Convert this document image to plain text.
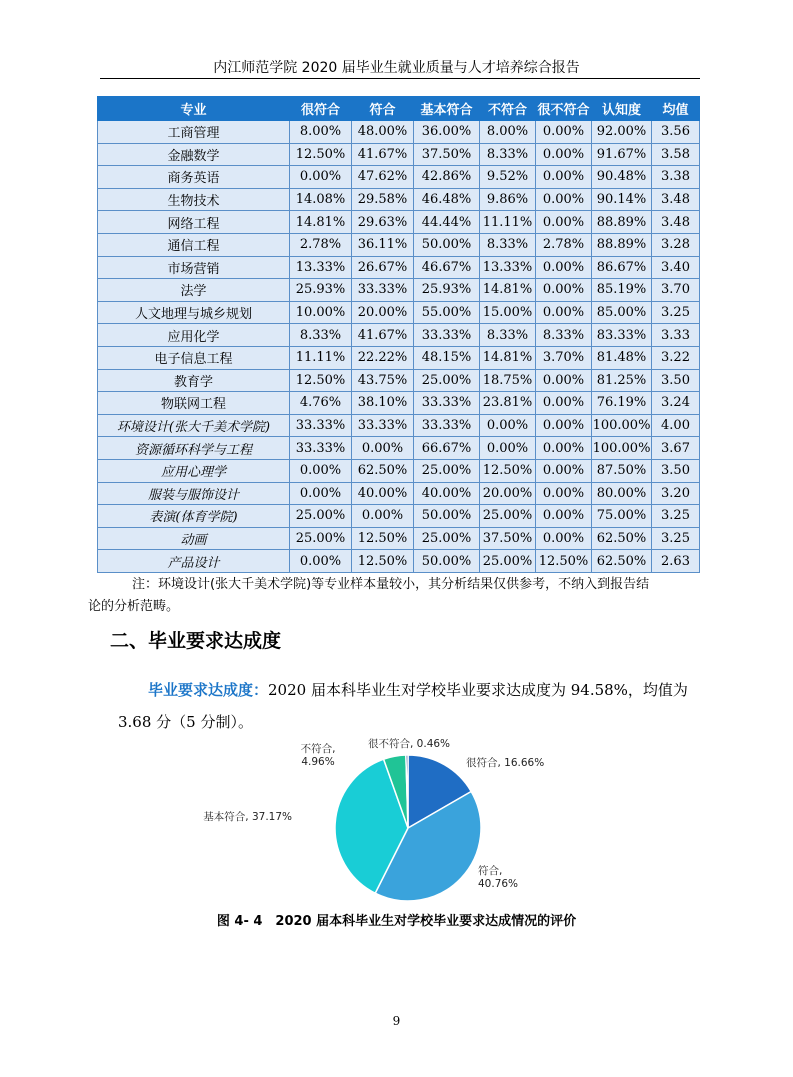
内江师范学院 2020 届毕业生就业质量与人才培养综合报告
专业	很符合	符合	基本符合	不符合	很不符合	认知度	均值
工商管理	8.00%	48.00%	36.00%	8.00%	0.00%	92.00%	3.56
金融数学	12.50%	41.67%	37.50%	8.33%	0.00%	91.67%	3.58
商务英语	0.00%	47.62%	42.86%	9.52%	0.00%	90.48%	3.38
生物技术	14.08%	29.58%	46.48%	9.86%	0.00%	90.14%	3.48
网络工程	14.81%	29.63%	44.44%	11.11%	0.00%	88.89%	3.48
通信工程	2.78%	36.11%	50.00%	8.33%	2.78%	88.89%	3.28
市场营销	13.33%	26.67%	46.67%	13.33%	0.00%	86.67%	3.40
法学	25.93%	33.33%	25.93%	14.81%	0.00%	85.19%	3.70
人文地理与城乡规划	10.00%	20.00%	55.00%	15.00%	0.00%	85.00%	3.25
应用化学	8.33%	41.67%	33.33%	8.33%	8.33%	83.33%	3.33
电子信息工程	11.11%	22.22%	48.15%	14.81%	3.70%	81.48%	3.22
教育学	12.50%	43.75%	25.00%	18.75%	0.00%	81.25%	3.50
物联网工程	4.76%	38.10%	33.33%	23.81%	0.00%	76.19%	3.24
环境设计(张大千美术学院)	33.33%	33.33%	33.33%	0.00%	0.00%	100.00%	4.00
资源循环科学与工程	33.33%	0.00%	66.67%	0.00%	0.00%	100.00%	3.67
应用心理学	0.00%	62.50%	25.00%	12.50%	0.00%	87.50%	3.50
服装与服饰设计	0.00%	40.00%	40.00%	20.00%	0.00%	80.00%	3.20
表演(体育学院)	25.00%	0.00%	50.00%	25.00%	0.00%	75.00%	3.25
动画	25.00%	12.50%	25.00%	37.50%	0.00%	62.50%	3.25
产品设计	0.00%	12.50%	50.00%	25.00%	12.50%	62.50%	2.63
注：环境设计(张大千美术学院)等专业样本量较小，其分析结果仅供参考，不纳入到报告结
论的分析范畴。
二、毕业要求达成度
毕业要求达成度：2020 届本科毕业生对学校毕业要求达成度为 94.58%，均值为 3.68 分（5 分制）。
很符合, 16.66%
符合, 40.76%
基本符合, 37.17%
不符合, 4.96%
很不符合, 0.46%
图 4- 4　2020 届本科毕业生对学校毕业要求达成情况的评价
9
